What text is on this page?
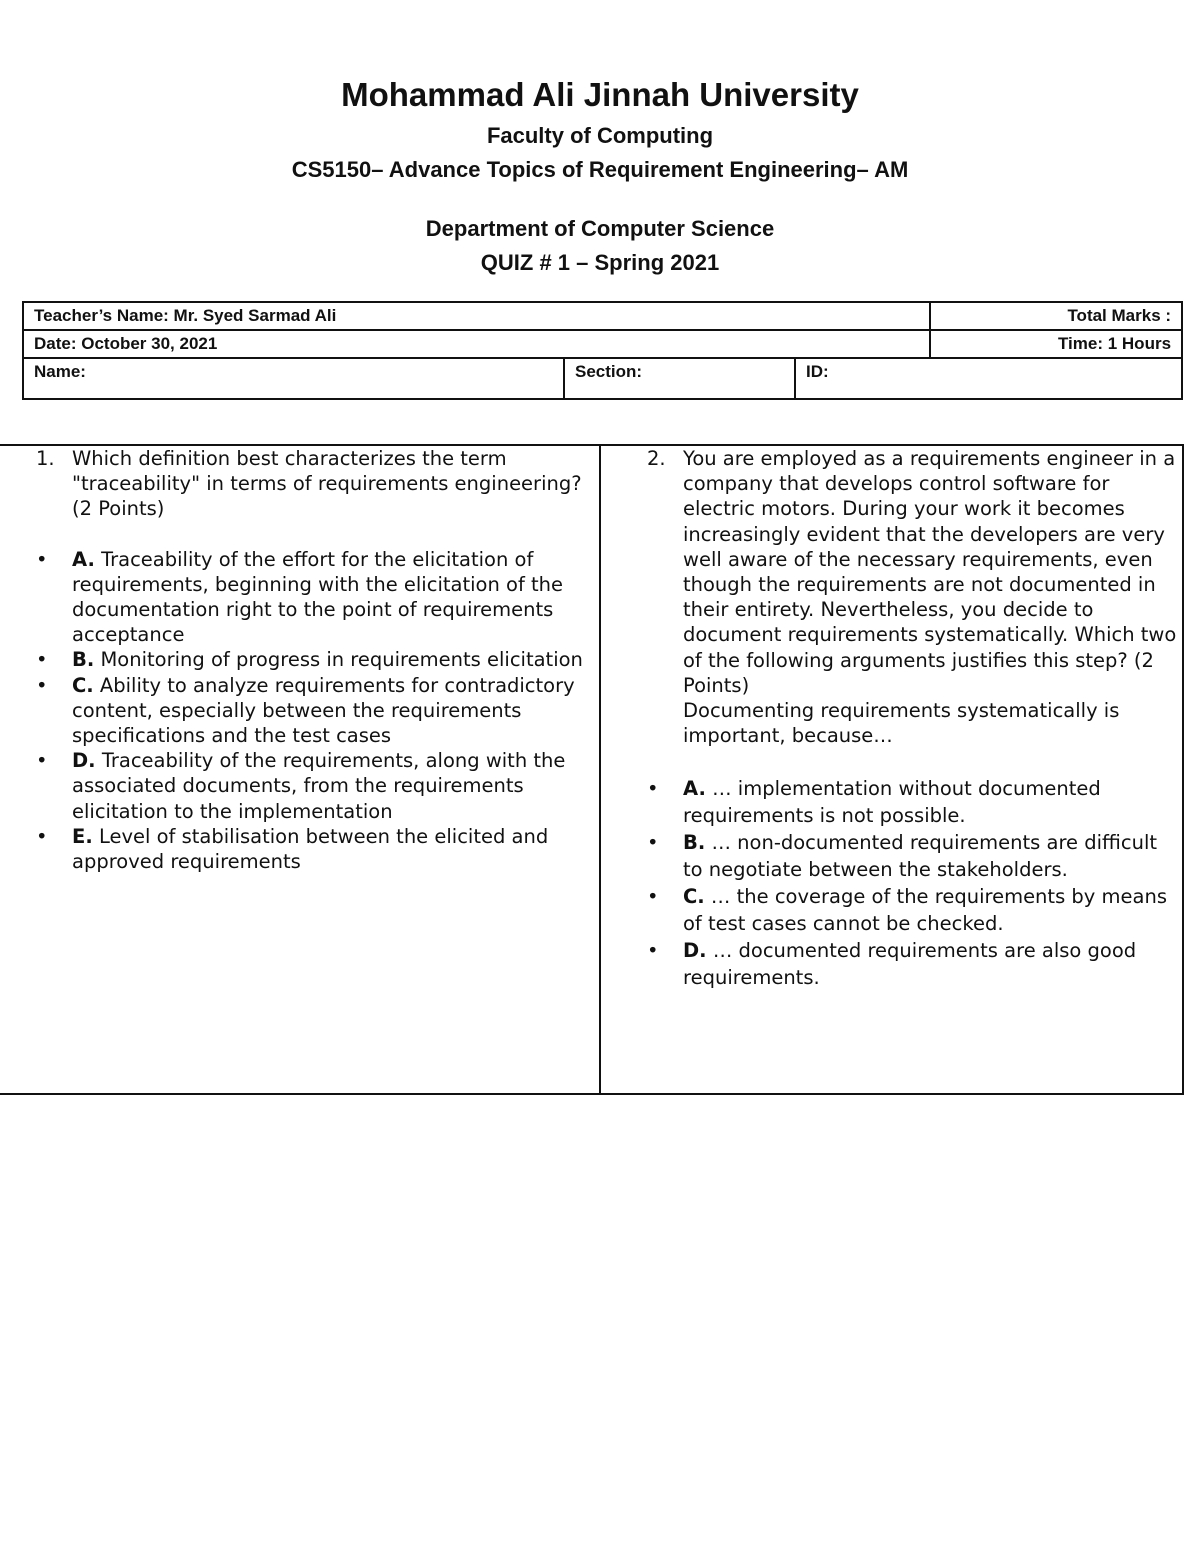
Mohammad Ali Jinnah University
Faculty of Computing
CS5150– Advance Topics of Requirement Engineering– AM
Department of Computer Science
QUIZ # 1 – Spring 2021
Teacher’s Name: Mr. Syed Sarmad Ali			Total Marks :
Date: October 30, 2021			Time: 1 Hours
Name:	Section:	ID:	
1. Which definition best characterizes the term "traceability" in terms of requirements engineering? (2 Points)
•	A. Traceability of the effort for the elicitation of requirements, beginning with the elicitation of the documentation right to the point of requirements acceptance
•	B. Monitoring of progress in requirements elicitation
•	C. Ability to analyze requirements for contradictory content, especially between the requirements specifications and the test cases
•	D. Traceability of the requirements, along with the associated documents, from the requirements elicitation to the implementation
•	E. Level of stabilisation between the elicited and approved requirements
2. You are employed as a requirements engineer in a company that develops control software for electric motors. During your work it becomes increasingly evident that the developers are very well aware of the necessary requirements, even though the requirements are not documented in their entirety. Nevertheless, you decide to document requirements systematically. Which two of the following arguments justifies this step? (2 Points)
Documenting requirements systematically is important, because…
•	A. … implementation without documented requirements is not possible.
•	B. … non-documented requirements are difficult to negotiate between the stakeholders.
•	C. … the coverage of the requirements by means of test cases cannot be checked.
•	D. … documented requirements are also good requirements.
